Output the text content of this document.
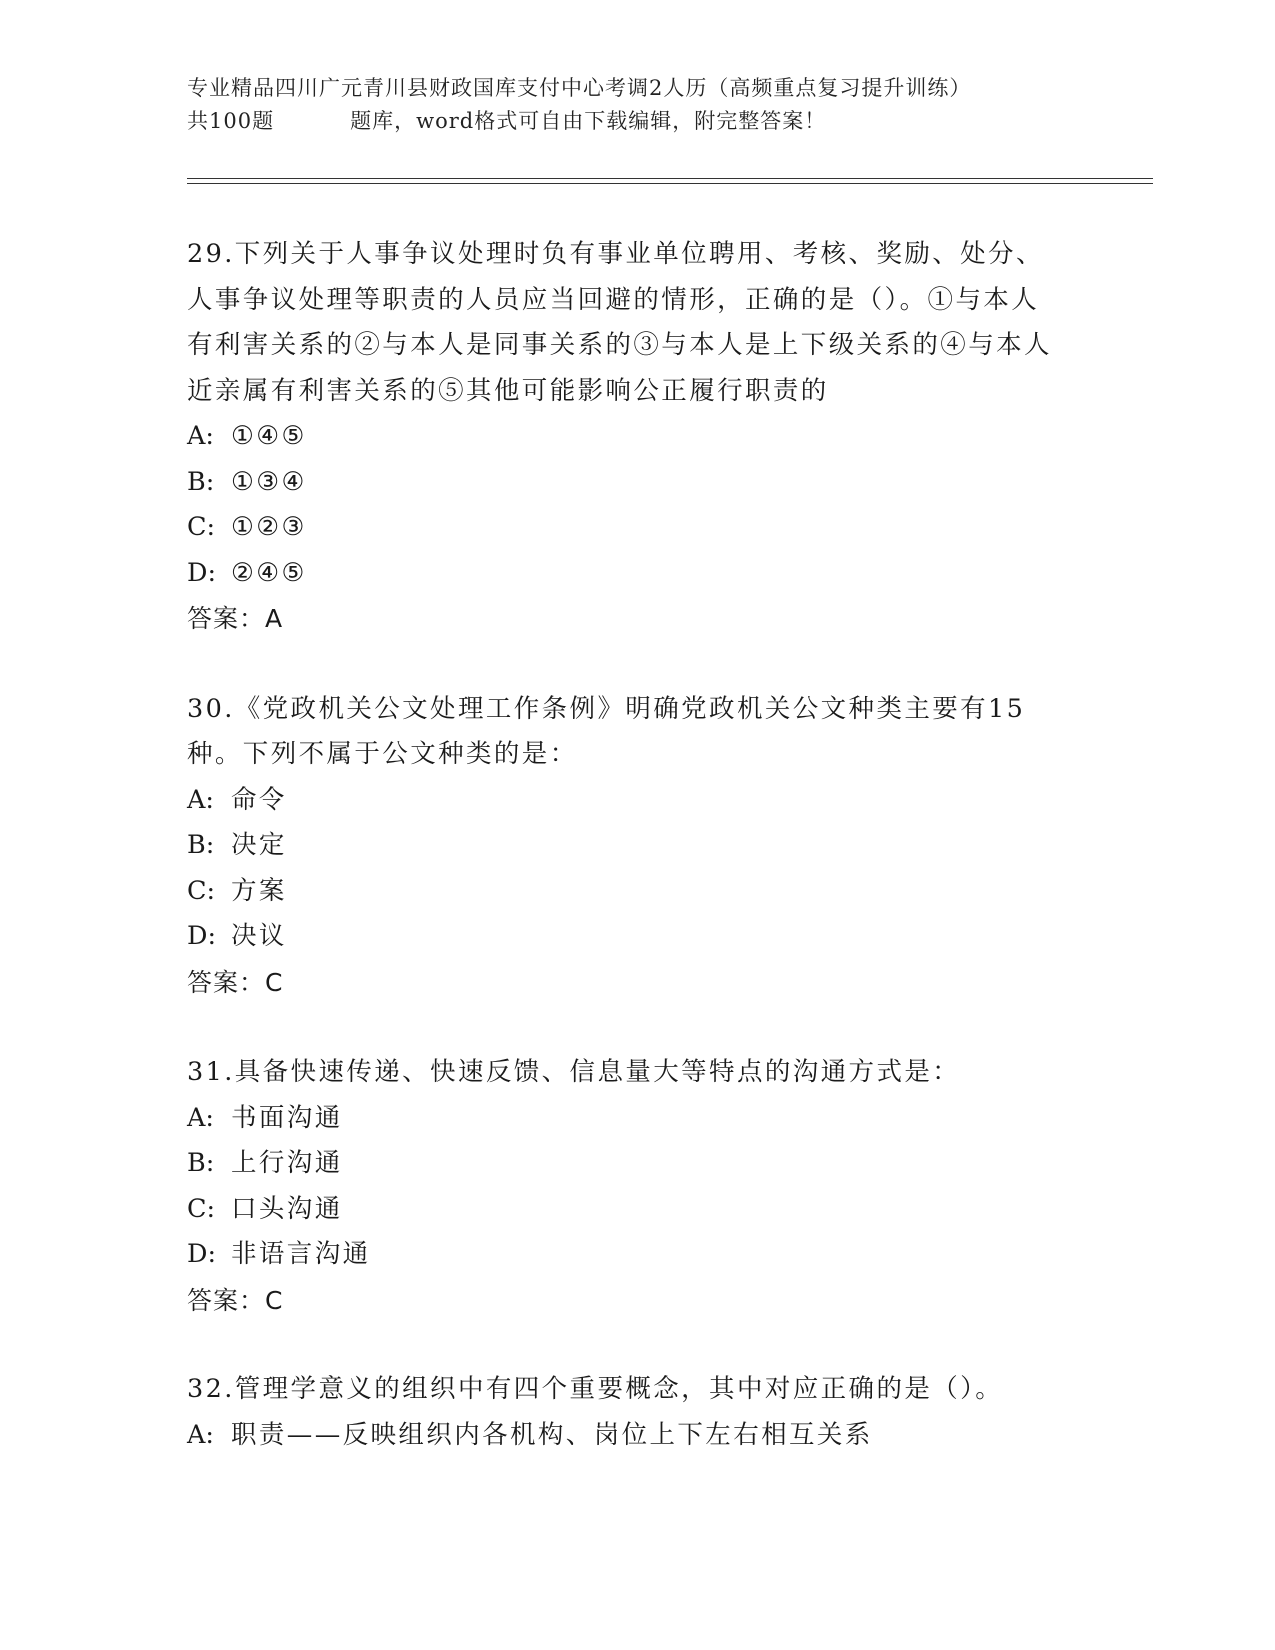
专业精品四川广元青川县财政国库支付中心考调2人历（高频重点复习提升训练）
共100题	题库，word格式可自由下载编辑，附完整答案！
29.下列关于人事争议处理时负有事业单位聘用、考核、奖励、处分、人事争议处理等职责的人员应当回避的情形，正确的是（）。①与本人有利害关系的②与本人是同事关系的③与本人是上下级关系的④与本人近亲属有利害关系的⑤其他可能影响公正履行职责的
A: ①④⑤
B: ①③④
C: ①②③
D: ②④⑤
答案：A
30.《党政机关公文处理工作条例》明确党政机关公文种类主要有15种。下列不属于公文种类的是：
A: 命令
B: 决定
C: 方案
D: 决议
答案：C
31.具备快速传递、快速反馈、信息量大等特点的沟通方式是：
A: 书面沟通
B: 上行沟通
C: 口头沟通
D: 非语言沟通
答案：C
32.管理学意义的组织中有四个重要概念，其中对应正确的是（）。
A: 职责——反映组织内各机构、岗位上下左右相互关系
